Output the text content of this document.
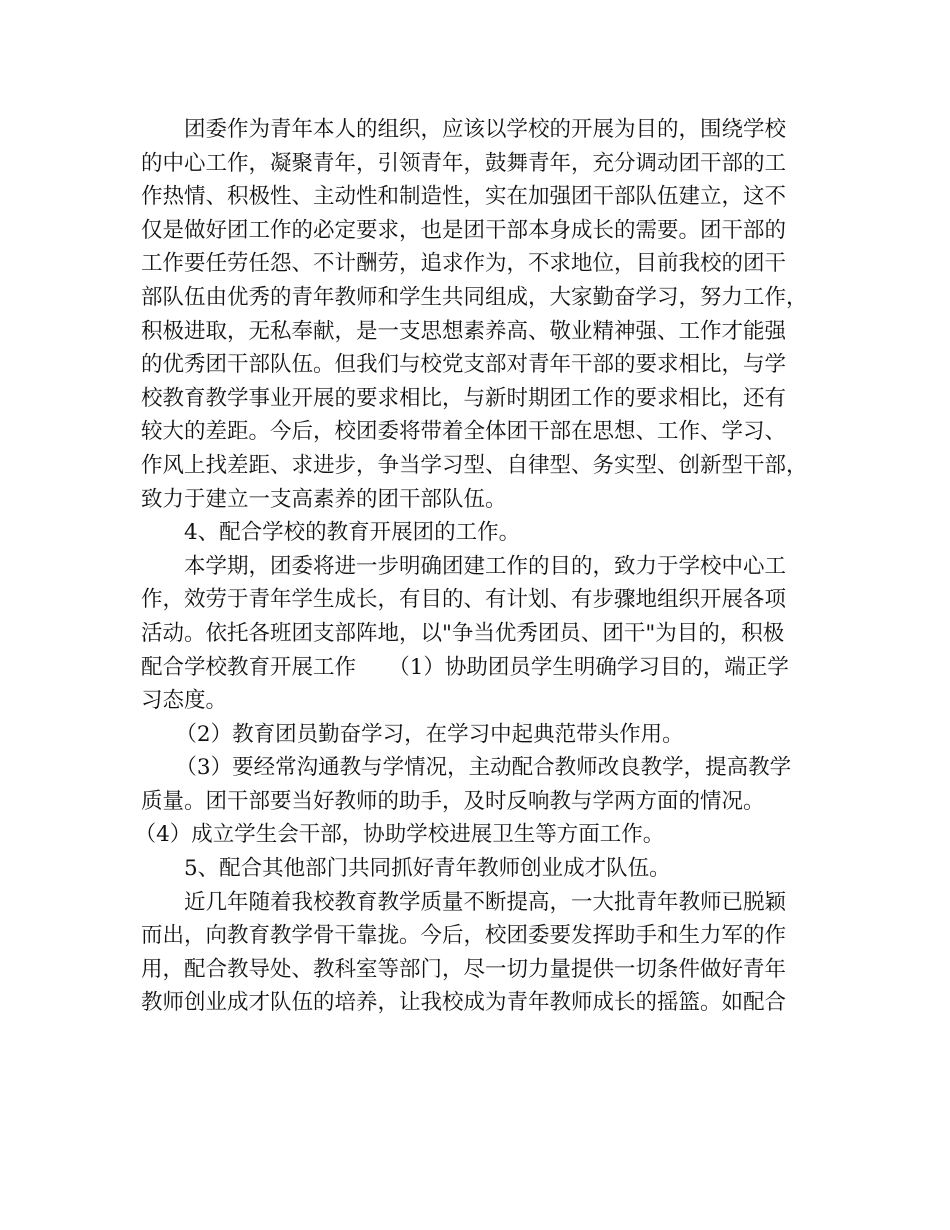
团委作为青年本人的组织，应该以学校的开展为目的，围绕学校

的中心工作，凝聚青年，引领青年，鼓舞青年，充分调动团干部的工
作热情、积极性、主动性和制造性，实在加强团干部队伍建立，这不
仅是做好团工作的必定要求，也是团干部本身成长的需要。团干部的
工作要任劳任怨、不计酬劳，追求作为，不求地位，目前我校的团干
部队伍由优秀的青年教师和学生共同组成，大家勤奋学习，努力工作，
积极进取，无私奉献，是一支思想素养高、敬业精神强、工作才能强
的优秀团干部队伍。但我们与校党支部对青年干部的要求相比，与学
校教育教学事业开展的要求相比，与新时期团工作的要求相比，还有
较大的差距。今后，校团委将带着全体团干部在思想、工作、学习、
作风上找差距、求进步，争当学习型、自律型、务实型、创新型干部，
致力于建立一支高素养的团干部队伍。

4、配合学校的教育开展团的工作。

本学期，团委将进一步明确团建工作的目的，致力于学校中心工

作，效劳于青年学生成长，有目的、有计划、有步骤地组织开展各项
活动。依托各班团支部阵地，以"争当优秀团员、团干"为目的，积极
配合学校教育开展工作　　（1）协助团员学生明确学习目的，端正学
习态度。

（2）教育团员勤奋学习，在学习中起典范带头作用。

（3）要经常沟通教与学情况，主动配合教师改良教学，提高教学

质量。团干部要当好教师的助手，及时反响教与学两方面的情况。

（4）成立学生会干部，协助学校进展卫生等方面工作。

5、配合其他部门共同抓好青年教师创业成才队伍。

近几年随着我校教育教学质量不断提高，一大批青年教师已脱颖

而出，向教育教学骨干靠拢。今后，校团委要发挥助手和生力军的作
用，配合教导处、教科室等部门，尽一切力量提供一切条件做好青年
教师创业成才队伍的培养，让我校成为青年教师成长的摇篮。如配合
